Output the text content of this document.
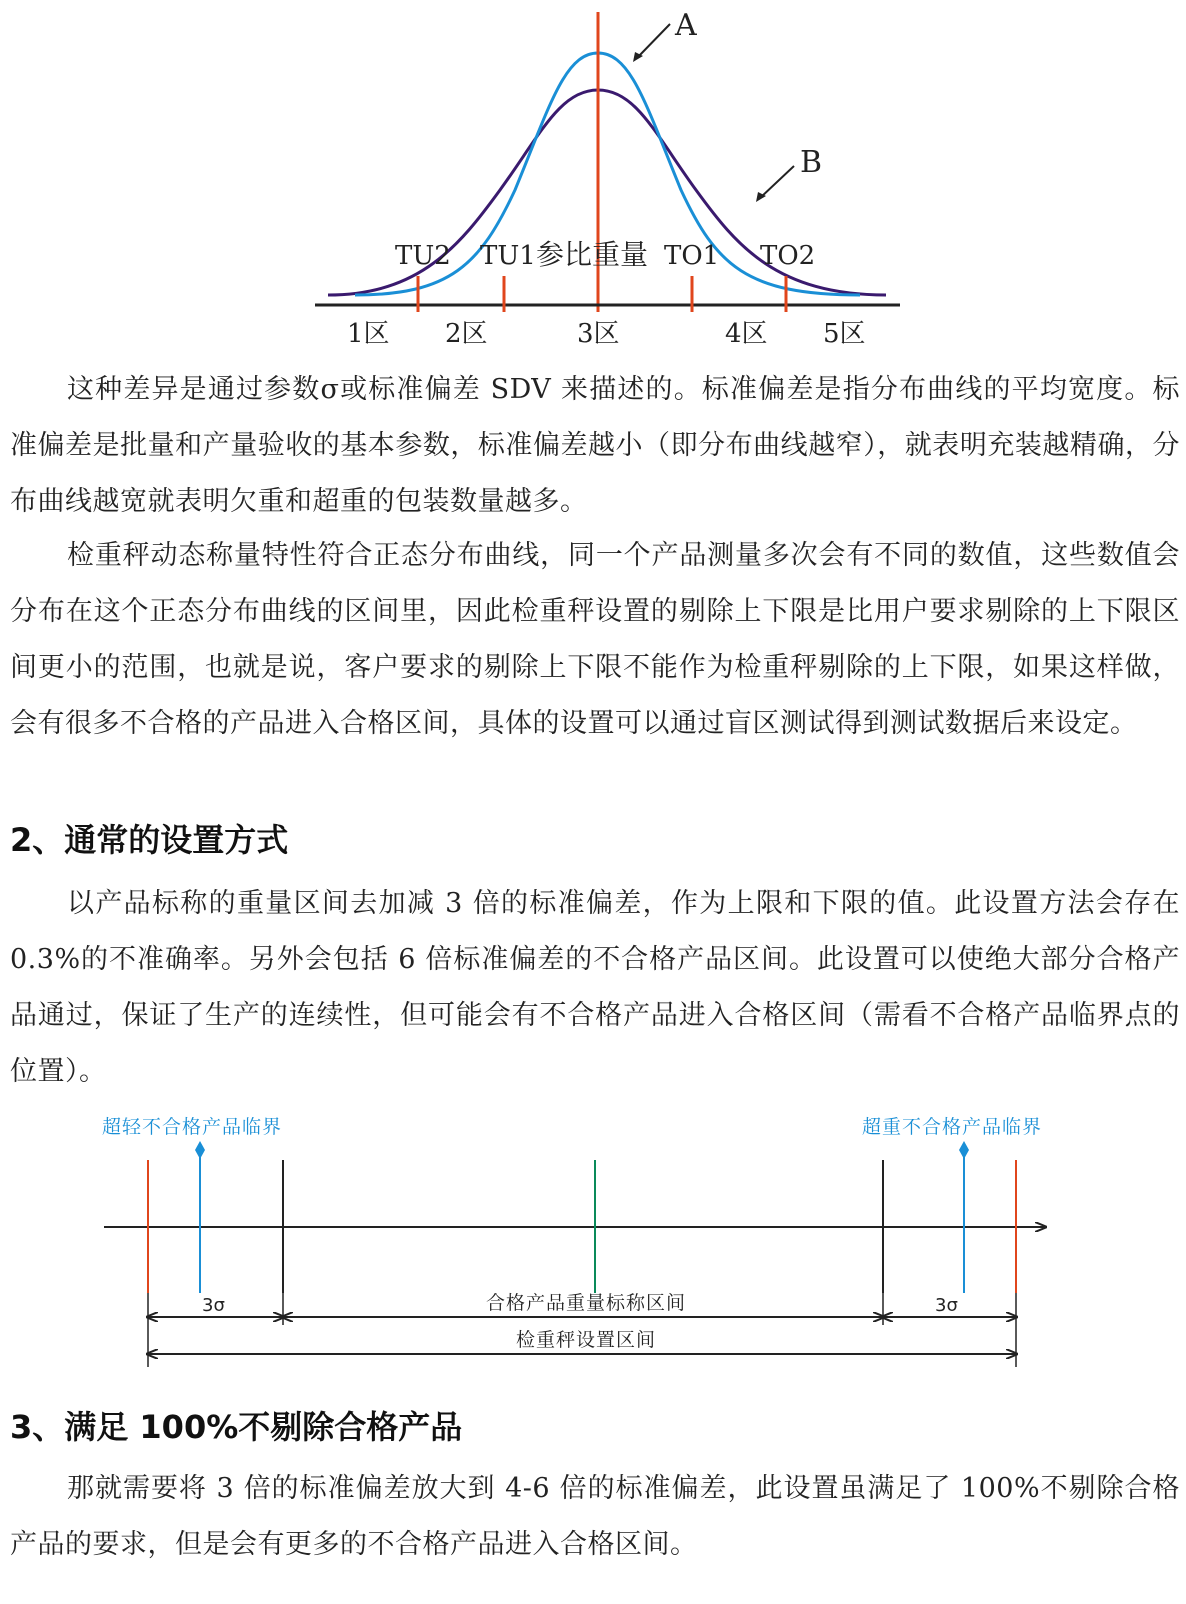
A
B
TU2 TU1 参比重量 TO1 TO2
1区 2区	3区	4区 5区
这种差异是通过参数σ或标准偏差 SDV 来描述的。标准偏差是指分布曲线的平均宽度。标准偏差是批量和产量验收的基本参数，标准偏差越小（即分布曲线越窄），就表明充装越精确，分布曲线越宽就表明欠重和超重的包装数量越多。
检重秤动态称量特性符合正态分布曲线，同一个产品测量多次会有不同的数值，这些数值会分布在这个正态分布曲线的区间里，因此检重秤设置的剔除上下限是比用户要求剔除的上下限区间更小的范围，也就是说，客户要求的剔除上下限不能作为检重秤剔除的上下限，如果这样做，会有很多不合格的产品进入合格区间，具体的设置可以通过盲区测试得到测试数据后来设定。
2、通常的设置方式
以产品标称的重量区间去加减 3 倍的标准偏差，作为上限和下限的值。此设置方法会存在 0.3%的不准确率。另外会包括 6 倍标准偏差的不合格产品区间。此设置可以使绝大部分合格产品通过，保证了生产的连续性，但可能会有不合格产品进入合格区间（需看不合格产品临界点的位置）。
超轻不合格产品临界	超重不合格产品临界
3σ	合格产品重量标称区间	3σ
检重秤设置区间
3、满足 100%不剔除合格产品
那就需要将 3 倍的标准偏差放大到 4-6 倍的标准偏差，此设置虽满足了 100%不剔除合格产品的要求，但是会有更多的不合格产品进入合格区间。
